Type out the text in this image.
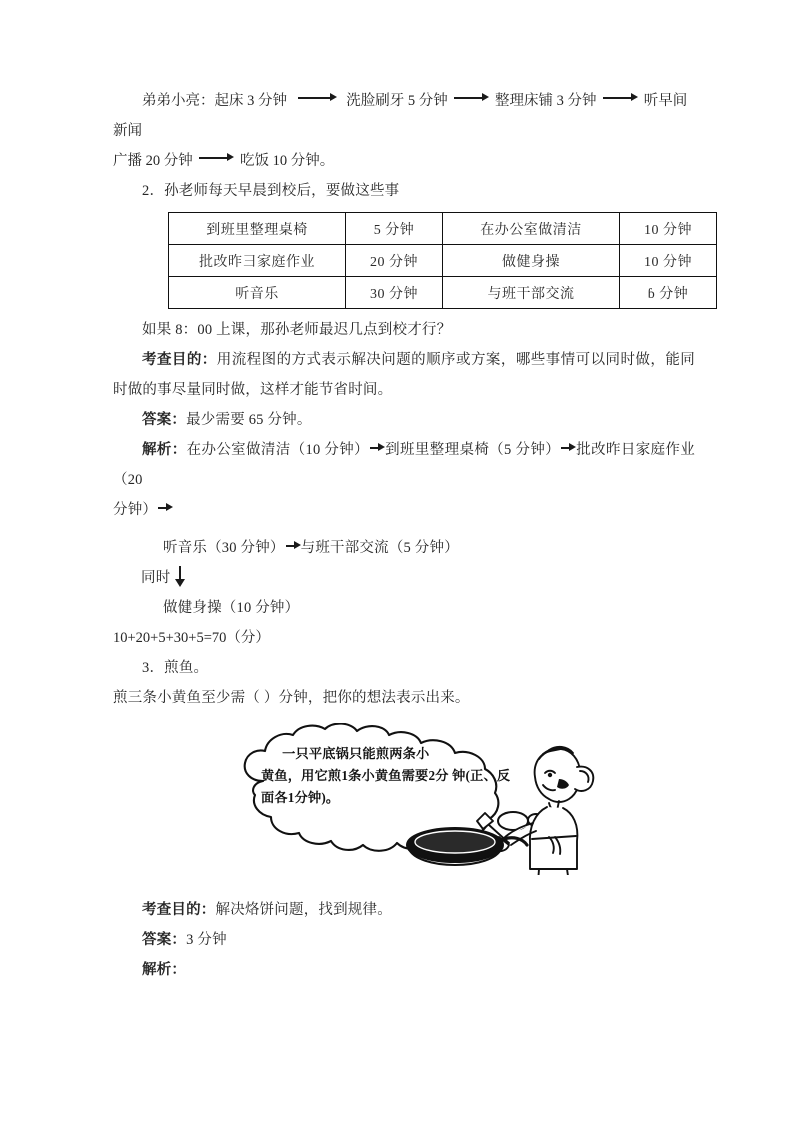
弟弟小亮：起床 3 分钟	洗脸刷牙 5 分钟	整理床铺 3 分钟	听早间新闻

广播 20 分钟	吃饭 10 分钟。

2．孙老师每天早晨到校后，要做这些事

到班里整理桌椅	5 分钟	在办公室做清洁	10 分钟
批改昨彐家庭作业	20 分钟	做健身操	10 分钟
听音乐	30 分钟	与班干部交流	ɓ 分钟

如果 8：00 上课，那孙老师最迟几点到校才行？

考查目的：用流程图的方式表示解决问题的顺序或方案，哪些事情可以同时做，能同时做的事尽量同时做，这样才能节省时间。

答案：最少需要 65 分钟。

解析：在办公室做清洁（10 分钟） 到班里整理桌椅（5 分钟） 批改昨日家庭作业（20

分钟）

听音乐（30 分钟） 与班干部交流（5 分钟）

同时

做健身操（10 分钟）

10+20+5+30+5=70（分）

3．煎鱼。

煎三条小黄鱼至少需（ ）分钟，把你的想法表示出来。

一只平底锅只能煎两条小
黄鱼，用它煎1条小黄鱼需要2分 钟(正、反面各1分钟)。

考查目的：解决烙饼问题，找到规律。

答案：3 分钟

解析：
